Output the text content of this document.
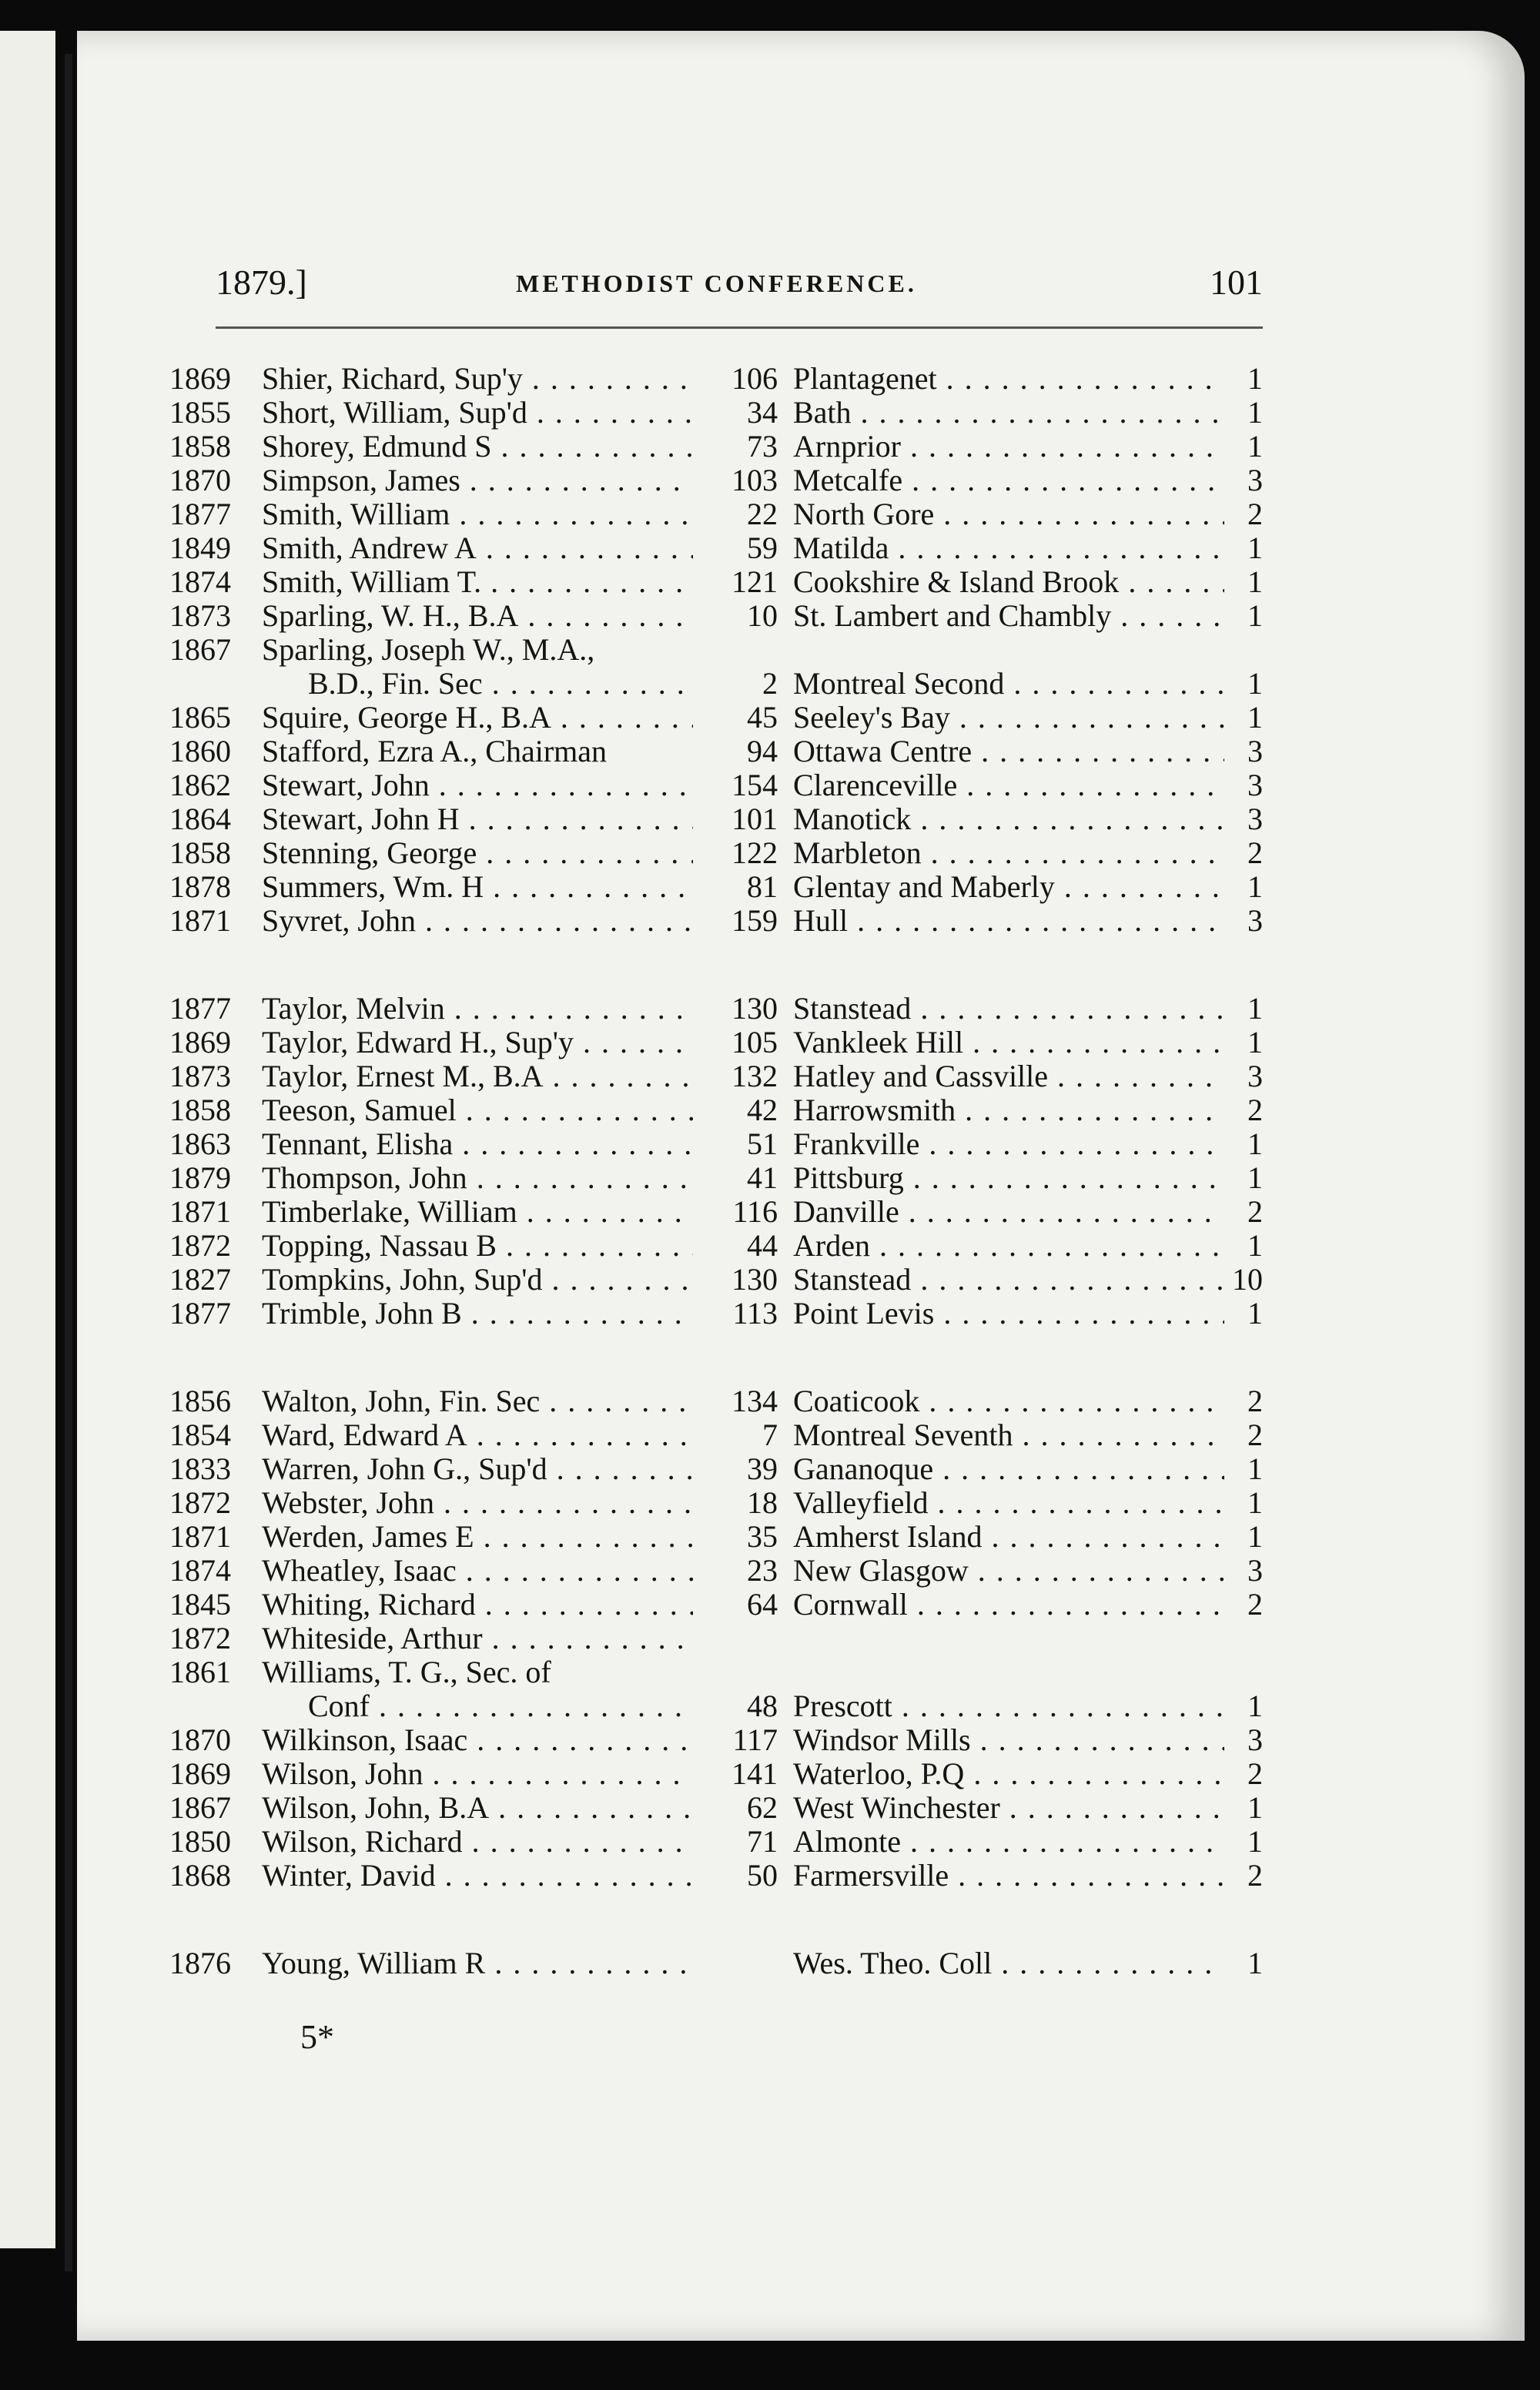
1879.]	METHODIST CONFERENCE.	101
1869	Shier, Richard, Sup'y . . .	106 Plantagenet . . .	1
1855	Short, William, Sup'd . . .	34 Bath . . .	1
1858	Shorey, Edmund S . . .	73 Arnprior . . .	1
1870	Simpson, James . . .	103 Metcalfe . . .	3
1877	Smith, William . . .	22 North Gore . . .	2
1849	Smith, Andrew A . . .	59 Matilda . . .	1
1874	Smith, William T. . . .	121 Cookshire & Island Brook . . .	1
1873	Sparling, W. H., B.A . . .	10 St. Lambert and Chambly . . .	1
1867	Sparling, Joseph W., M.A.,
B.D., Fin. Sec . . .	2 Montreal Second . . .	1
1865	Squire, George H., B.A . . .	45 Seeley's Bay . . .	1
1860	Stafford, Ezra A., Chairman	94 Ottawa Centre . . .	3
1862	Stewart, John . . .	154 Clarenceville . . .	3
1864	Stewart, John H . . .	101 Manotick . . .	3
1858	Stenning, George . . .	122 Marbleton . . .	2
1878	Summers, Wm. H . . .	81 Glentay and Maberly . . .	1
1871	Syvret, John . . .	159 Hull . . .	3
1877	Taylor, Melvin . . .	130 Stanstead . . .	1
1869	Taylor, Edward H., Sup'y . . .	105 Vankleek Hill . . .	1
1873	Taylor, Ernest M., B.A . . .	132 Hatley and Cassville . . .	3
1858	Teeson, Samuel . . .	42 Harrowsmith . . .	2
1863	Tennant, Elisha . . .	51 Frankville . . .	1
1879	Thompson, John . . .	41 Pittsburg . . .	1
1871	Timberlake, William . . .	116 Danville . . .	2
1872	Topping, Nassau B . . .	44 Arden . . .	1
1827	Tompkins, John, Sup'd . . .	130 Stanstead . . .	10
1877	Trimble, John B . . .	113 Point Levis . . .	1
1856	Walton, John, Fin. Sec . . .	134 Coaticook . . .	2
1854	Ward, Edward A . . .	7 Montreal Seventh . . .	2
1833	Warren, John G., Sup'd . . .	39 Gananoque . . .	1
1872	Webster, John . . .	18 Valleyfield . . .	1
1871	Werden, James E . . .	35 Amherst Island . . .	1
1874	Wheatley, Isaac . . .	23 New Glasgow . . .	3
1845	Whiting, Richard . . .	64 Cornwall . . .	2
1872	Whiteside, Arthur . . .
1861	Williams, T. G., Sec. of
Conf . . .	48 Prescott . . .	1
1870	Wilkinson, Isaac . . .	117 Windsor Mills . . .	3
1869	Wilson, John . . .	141 Waterloo, P.Q . . .	2
1867	Wilson, John, B.A . . .	62 West Winchester . . .	1
1850	Wilson, Richard . . .	71 Almonte . . .	1
1868	Winter, David . . .	50 Farmersville . . .	2
1876	Young, William R . . .	Wes. Theo. Coll . . .	1
5*
